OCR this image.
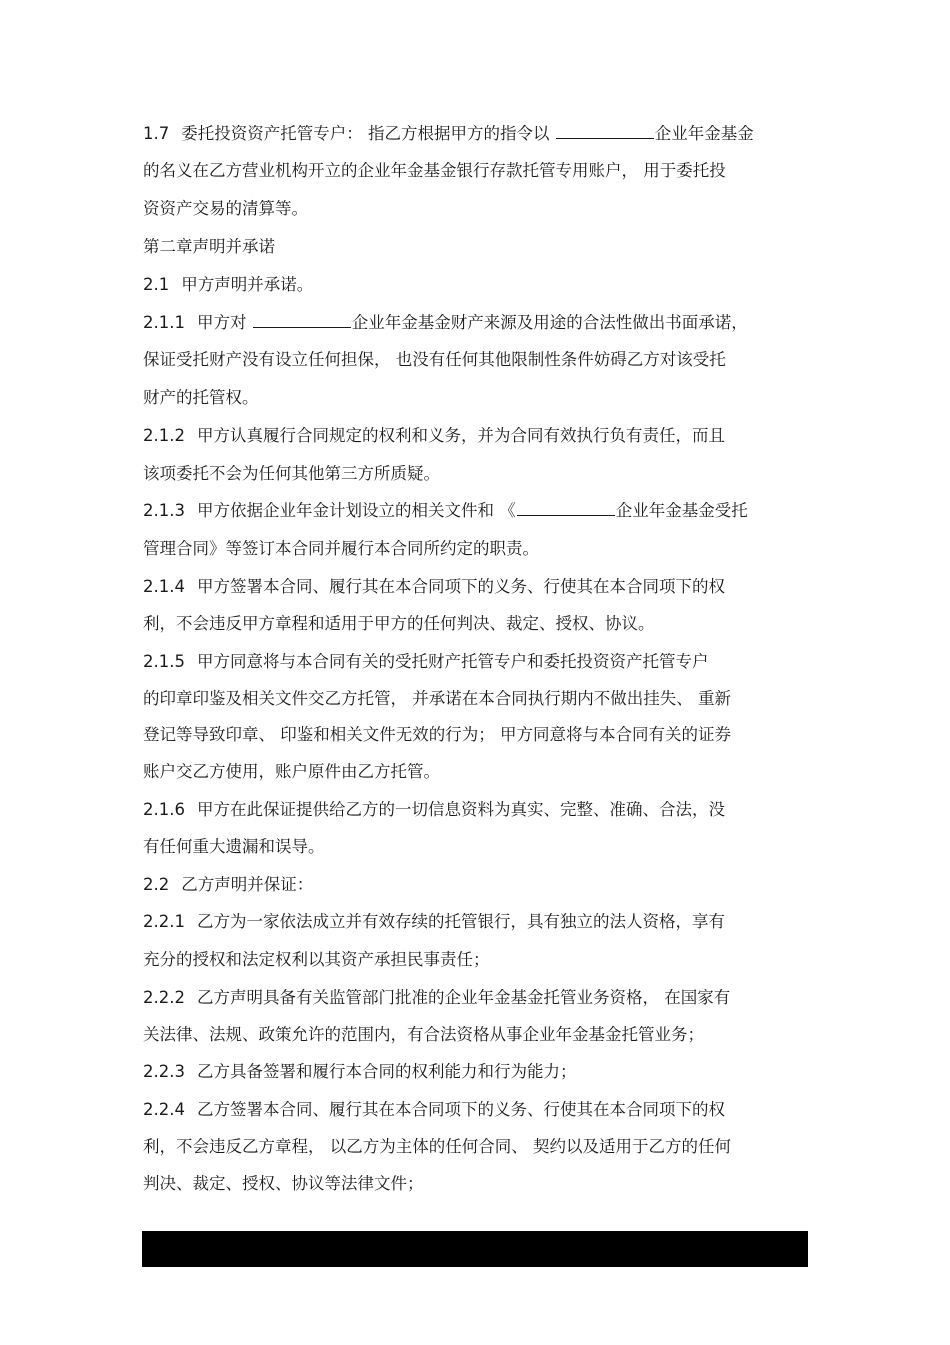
1.7 委托投资资产托管专户： 指乙方根据甲方的指令以	企业年金基金
的名义在乙方营业机构开立的企业年金基金银行存款托管专用账户， 用于委托投
资资产交易的清算等。
第二章声明并承诺
2.1 甲方声明并承诺。
2.1.1 甲方对	企业年金基金财产来源及用途的合法性做出书面承诺，
保证受托财产没有设立任何担保， 也没有任何其他限制性条件妨碍乙方对该受托
财产的托管权。
2.1.2 甲方认真履行合同规定的权利和义务，并为合同有效执行负有责任，而且
该项委托不会为任何其他第三方所质疑。
2.1.3 甲方依据企业年金计划设立的相关文件和 《	企业年金基金受托
管理合同》等签订本合同并履行本合同所约定的职责。
2.1.4 甲方签署本合同、履行其在本合同项下的义务、行使其在本合同项下的权
利，不会违反甲方章程和适用于甲方的任何判决、裁定、授权、协议。
2.1.5 甲方同意将与本合同有关的受托财产托管专户和委托投资资产托管专户
的印章印鉴及相关文件交乙方托管， 并承诺在本合同执行期内不做出挂失、 重新
登记等导致印章、 印鉴和相关文件无效的行为； 甲方同意将与本合同有关的证券
账户交乙方使用，账户原件由乙方托管。
2.1.6 甲方在此保证提供给乙方的一切信息资料为真实、完整、准确、合法，没
有任何重大遗漏和误导。
2.2 乙方声明并保证：
2.2.1 乙方为一家依法成立并有效存续的托管银行，具有独立的法人资格，享有
充分的授权和法定权利以其资产承担民事责任；
2.2.2 乙方声明具备有关监管部门批准的企业年金基金托管业务资格， 在国家有
关法律、法规、政策允许的范围内，有合法资格从事企业年金基金托管业务；
2.2.3 乙方具备签署和履行本合同的权利能力和行为能力；
2.2.4 乙方签署本合同、履行其在本合同项下的义务、行使其在本合同项下的权
利，不会违反乙方章程， 以乙方为主体的任何合同、 契约以及适用于乙方的任何
判决、裁定、授权、协议等法律文件；
